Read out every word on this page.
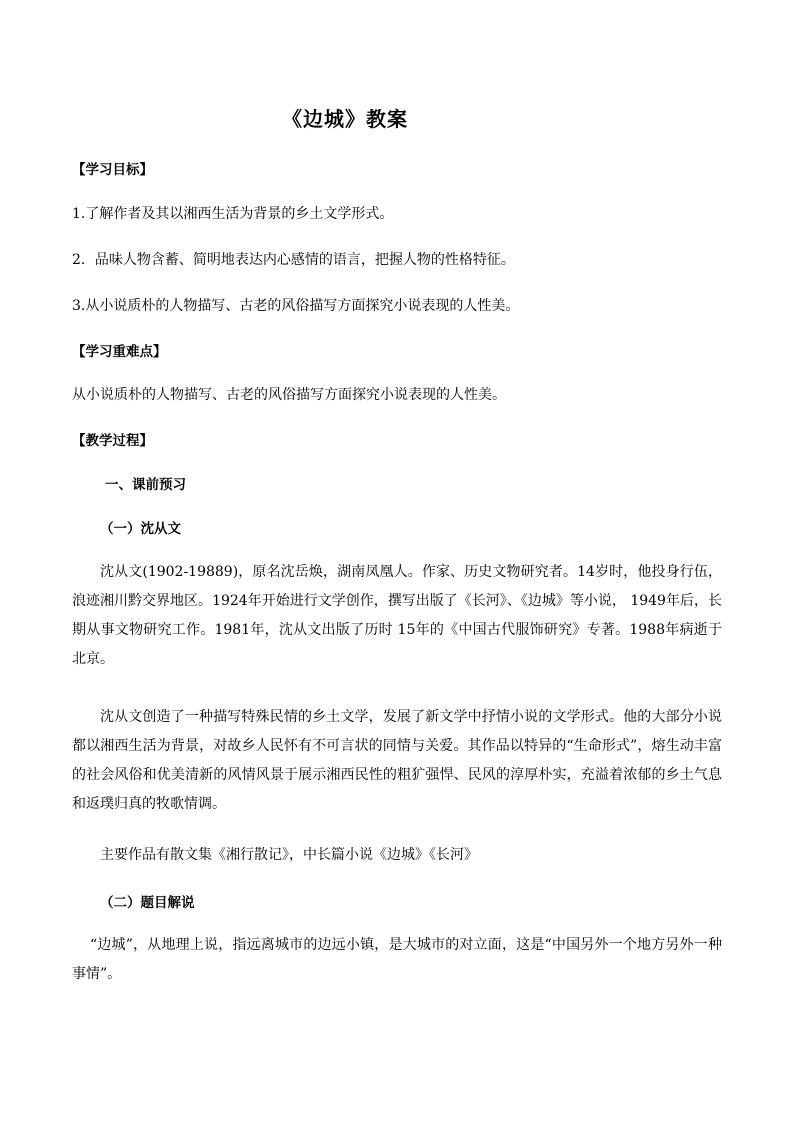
《边城》教案
【学习目标】
1.了解作者及其以湘西生活为背景的乡土文学形式。
2．品味人物含蓄、简明地表达内心感情的语言，把握人物的性格特征。
3.从小说质朴的人物描写、古老的风俗描写方面探究小说表现的人性美。
【学习重难点】
从小说质朴的人物描写、古老的风俗描写方面探究小说表现的人性美。
【教学过程】
一、课前预习
（一）沈从文
沈从文(1902-19889)，原名沈岳焕，湖南凤凰人。作家、历史文物研究者。14岁时，他投身行伍，浪迹湘川黔交界地区。1924年开始进行文学创作，撰写出版了《长河》、《边城》等小说， 1949年后，长期从事文物研究工作。1981年，沈从文出版了历时 15年的《中国古代服饰研究》专著。1988年病逝于北京。
沈从文创造了一种描写特殊民情的乡土文学，发展了新文学中抒情小说的文学形式。他的大部分小说都以湘西生活为背景，对故乡人民怀有不可言状的同情与关爱。其作品以特异的“生命形式”，熔生动丰富的社会风俗和优美清新的风情风景于展示湘西民性的粗犷强悍、民风的淳厚朴实，充溢着浓郁的乡土气息和返璞归真的牧歌情调。
主要作品有散文集《湘行散记》，中长篇小说《边城》《长河》
（二）题目解说
“边城”，从地理上说，指远离城市的边远小镇，是大城市的对立面，这是“中国另外一个地方另外一种事情”。
